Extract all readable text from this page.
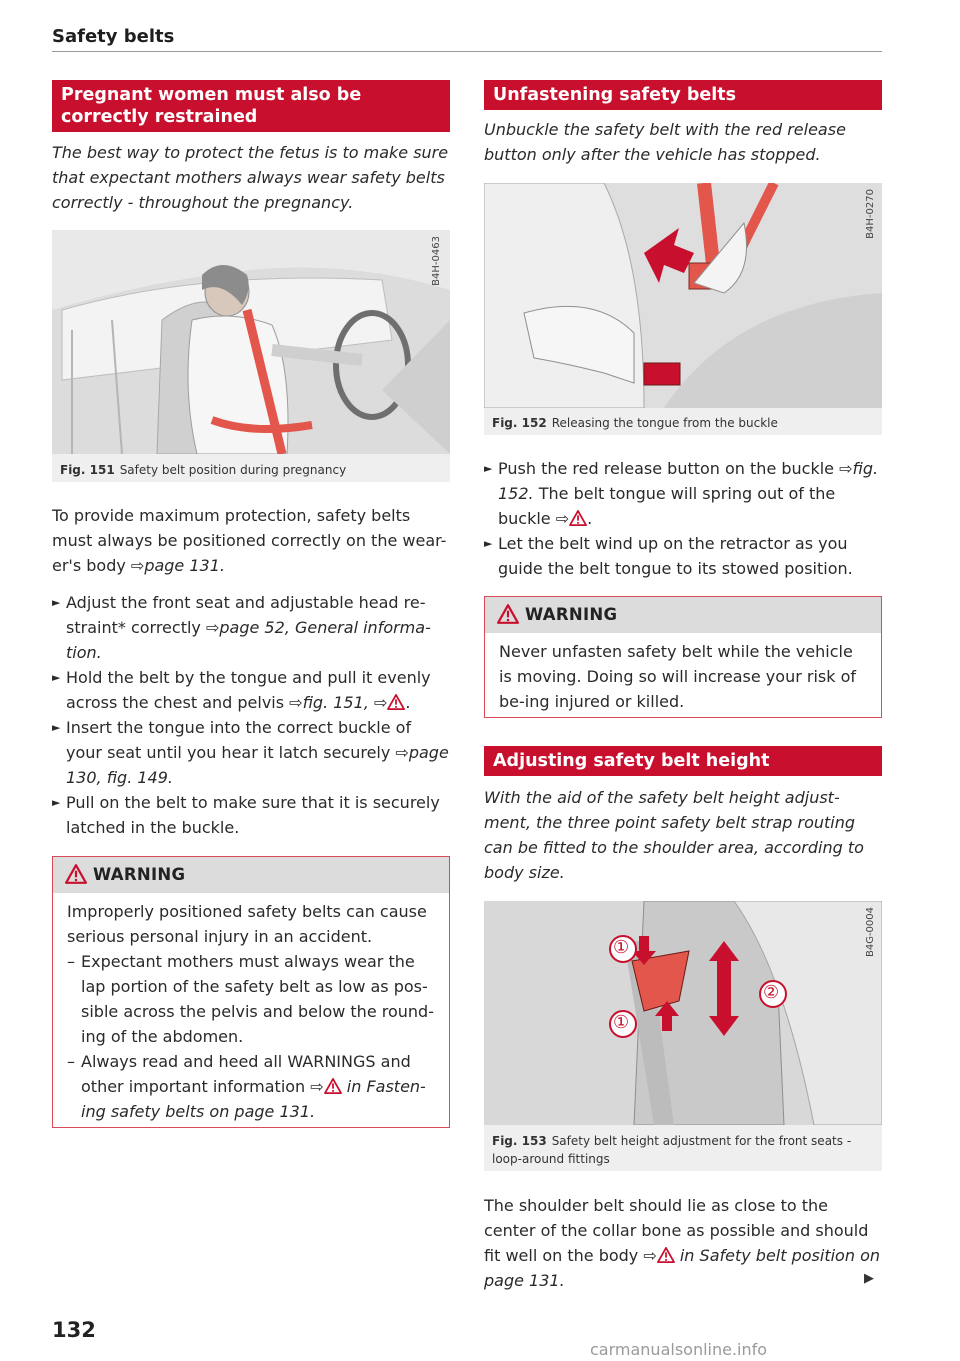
Safety belts
Pregnant women must also be correctly restrained
The best way to protect the fetus is to make sure that expectant mothers always wear safety belts correctly - throughout the pregnancy.
B4H-0463
Fig. 151 Safety belt position during pregnancy
To provide maximum protection, safety belts must always be positioned correctly on the wear-er's body ⇨page 131.
► Adjust the front seat and adjustable head re-straint* correctly ⇨page 52, General informa-tion.
► Hold the belt by the tongue and pull it evenly across the chest and pelvis ⇨fig. 151, ⇨ .
► Insert the tongue into the correct buckle of your seat until you hear it latch securely ⇨page 130, fig. 149.
► Pull on the belt to make sure that it is securely latched in the buckle.
WARNING
Improperly positioned safety belts can cause serious personal injury in an accident.
– Expectant mothers must always wear the lap portion of the safety belt as low as pos-sible across the pelvis and below the round-ing of the abdomen.
– Always read and heed all WARNINGS and other important information ⇨ in Fasten-ing safety belts on page 131.
Unfastening safety belts
Unbuckle the safety belt with the red release button only after the vehicle has stopped.
B4H-0270
Fig. 152 Releasing the tongue from the buckle
► Push the red release button on the buckle ⇨fig. 152. The belt tongue will spring out of the buckle ⇨ .
► Let the belt wind up on the retractor as you guide the belt tongue to its stowed position.
WARNING
Never unfasten safety belt while the vehicle is moving. Doing so will increase your risk of be-ing injured or killed.
Adjusting safety belt height
With the aid of the safety belt height adjust-ment, the three point safety belt strap routing can be fitted to the shoulder area, according to body size.
①
①
②
B4G-0004
Fig. 153 Safety belt height adjustment for the front seats - loop-around fittings
The shoulder belt should lie as close to the center of the collar bone as possible and should fit well on the body ⇨ in Safety belt position on page 131.	▶
132
carmanualsonline.info
